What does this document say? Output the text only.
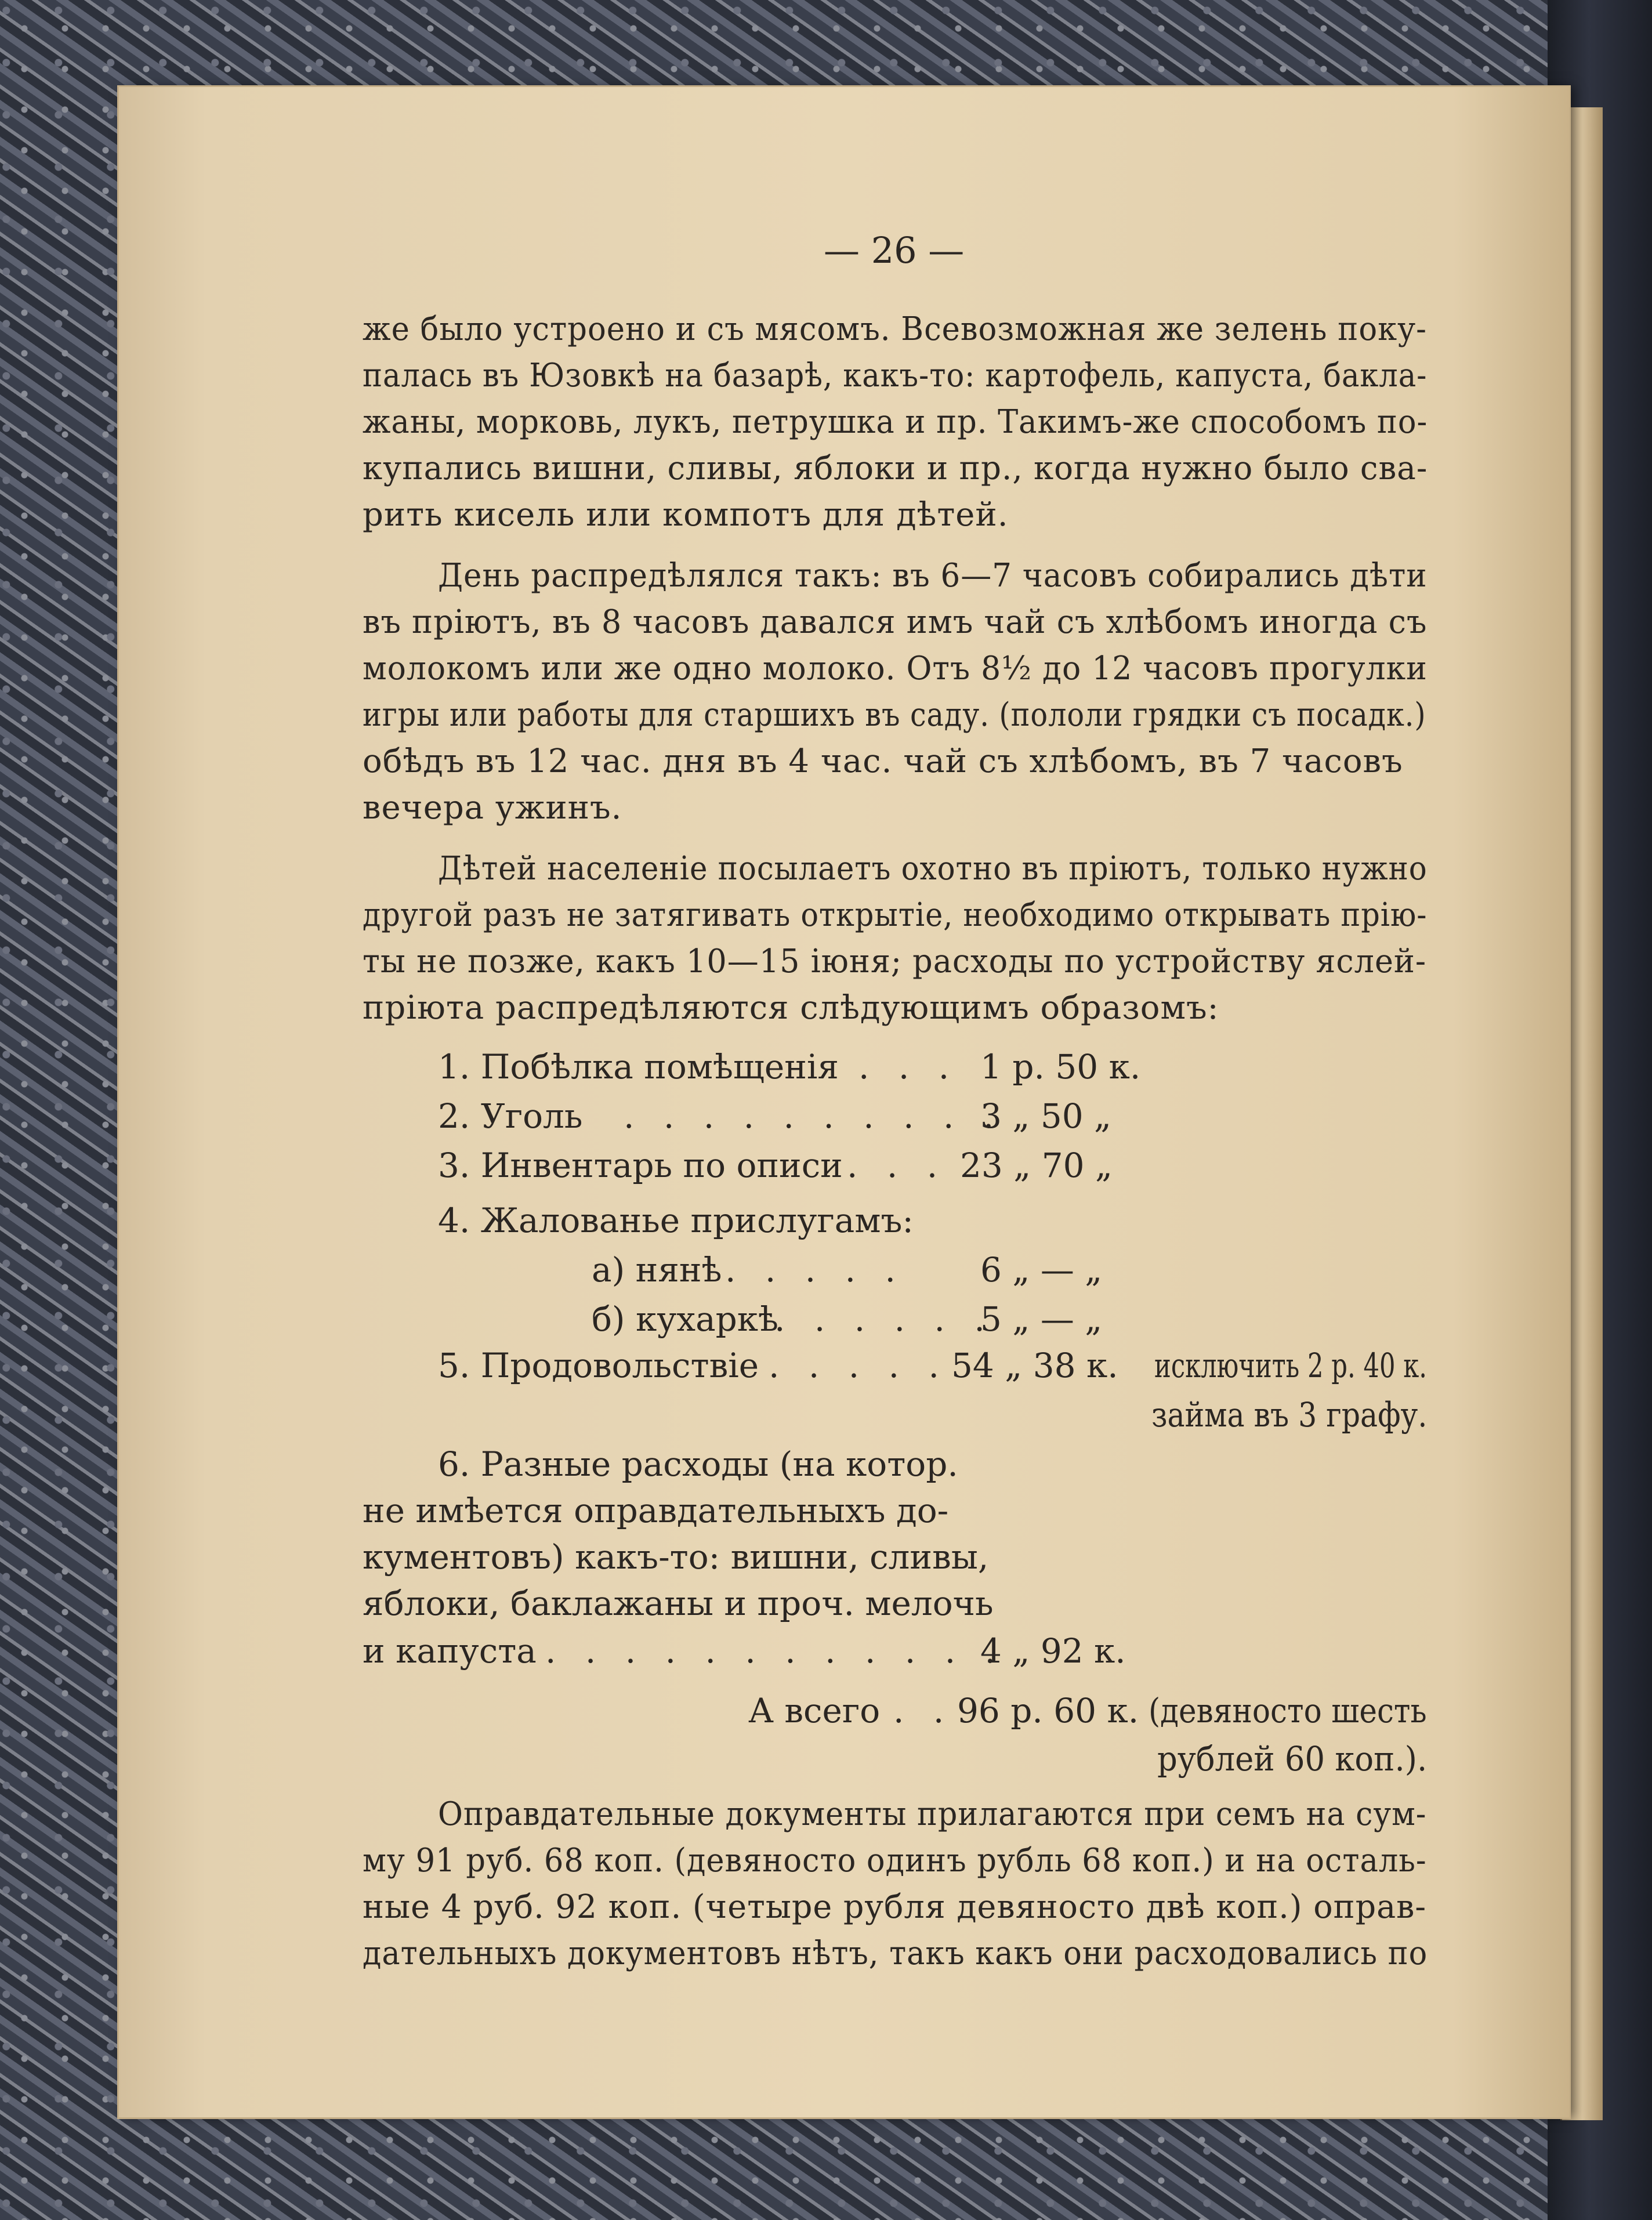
— 26 —
же было устроено и съ мясомъ. Всевозможная же зелень поку-
палась въ Юзовкѣ на базарѣ, какъ-то: картофель, капуста, бакла-
жаны, морковь, лукъ, петрушка и пр. Такимъ-же способомъ по-
купались вишни, сливы, яблоки и пр., когда нужно было сва-
рить кисель или компотъ для дѣтей.
День распредѣлялся такъ: въ 6—7 часовъ собирались дѣти
въ прiютъ, въ 8 часовъ давался имъ чай съ хлѣбомъ иногда съ
молокомъ или же одно молоко. Отъ 8½ до 12 часовъ прогулки
игры или работы для старшихъ въ саду. (пололи грядки съ посадк.)
обѣдъ въ 12 час. дня въ 4 час. чай съ хлѣбомъ, въ 7 часовъ
вечера ужинъ.
Дѣтей населенiе посылаетъ охотно въ прiютъ, только нужно
другой разъ не затягивать открытiе, необходимо открывать прiю-
ты не позже, какъ 10—15 iюня; расходы по устройству яслей-
прiюта распредѣляются слѣдующимъ образомъ:
1. Побѣлка помѣщенiя . . . 1 р. 50 к.
2. Уголь . . . . . . . . . .
3 „ 50 „
3. Инвентарь по описи . . . 23 „ 70 „
4. Жалованье прислугамъ:
а) нянѣ . . . . . 6 „ — „
б) кухаркѣ
. . . . . .
5 „ — „
5. Продовольствiе . . . . . 54 „ 38 к. исключить 2 р. 40 к.
займа въ 3 графу.
6. Разные расходы (на котор.
не имѣется оправдательныхъ до-
кументовъ) какъ-то: вишни, сливы,
яблоки, баклажаны и проч. мелочь
и капуста . . . . . . . . . . . .
4 „ 92 к.
А всего . . 96 р. 60 к. (девяносто шесть
рублей 60 коп.).
Оправдательные документы прилагаются при семъ на сум-
му 91 руб. 68 коп. (девяносто одинъ рубль 68 коп.) и на осталь-
ные 4 руб. 92 коп. (четыре рубля девяносто двѣ коп.) оправ-
дательныхъ документовъ нѣтъ, такъ какъ они расходовались по
